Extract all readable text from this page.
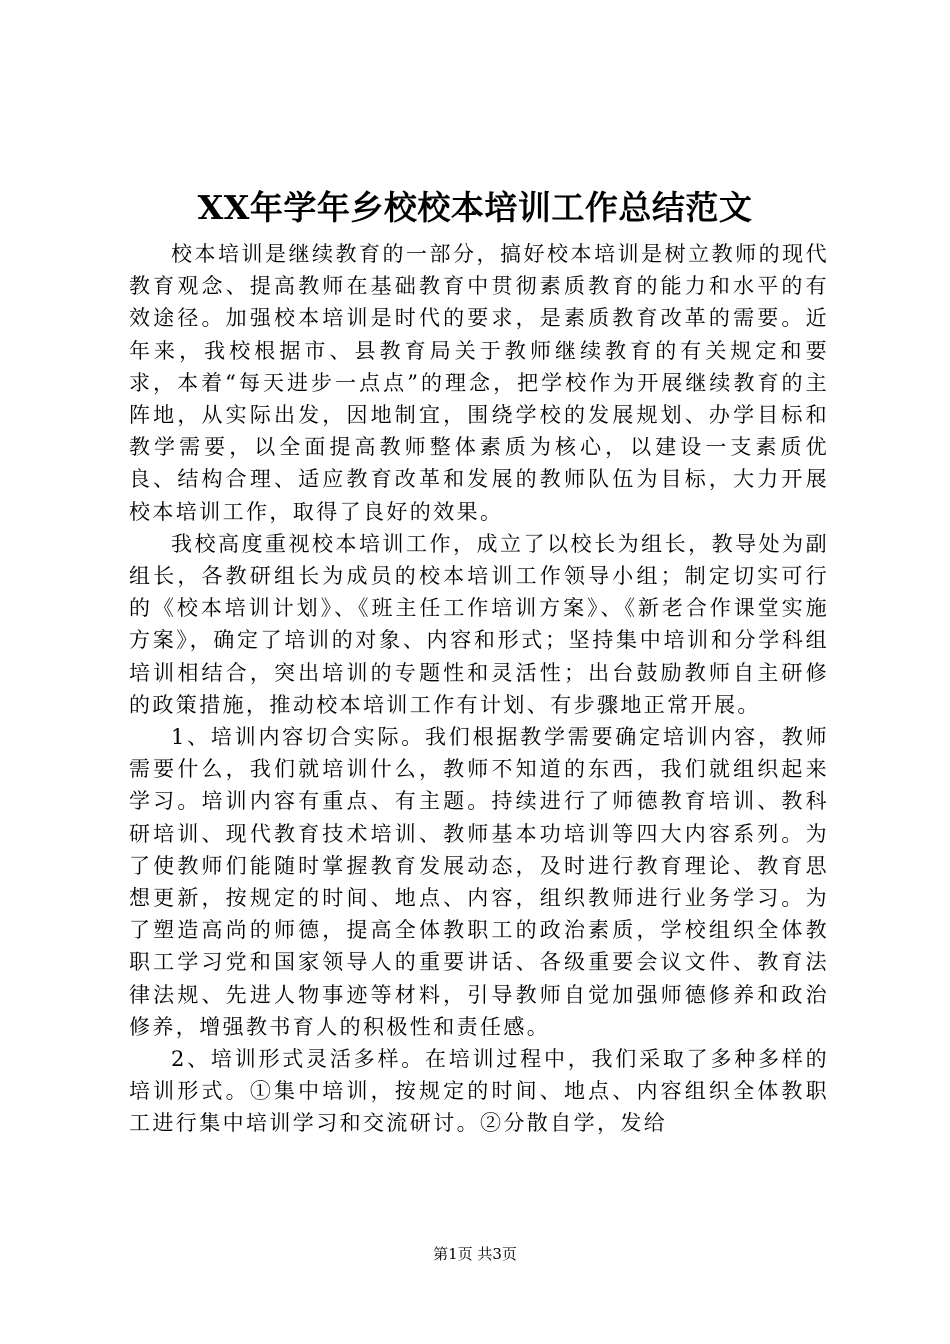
XX年学年乡校校本培训工作总结范文

校本培训是继续教育的一部分，搞好校本培训是树立教师的现代教育观念、提高教师在基础教育中贯彻素质教育的能力和水平的有效途径。加强校本培训是时代的要求，是素质教育改革的需要。近年来，我校根据市、县教育局关于教师继续教育的有关规定和要求，本着“每天进步一点点”的理念，把学校作为开展继续教育的主阵地，从实际出发，因地制宜，围绕学校的发展规划、办学目标和教学需要，以全面提高教师整体素质为核心，以建设一支素质优良、结构合理、适应教育改革和发展的教师队伍为目标，大力开展校本培训工作，取得了良好的效果。

我校高度重视校本培训工作，成立了以校长为组长，教导处为副组长，各教研组长为成员的校本培训工作领导小组；制定切实可行的《校本培训计划》、《班主任工作培训方案》、《新老合作课堂实施方案》，确定了培训的对象、内容和形式；坚持集中培训和分学科组培训相结合，突出培训的专题性和灵活性；出台鼓励教师自主研修的政策措施，推动校本培训工作有计划、有步骤地正常开展。

1、培训内容切合实际。我们根据教学需要确定培训内容，教师需要什么，我们就培训什么，教师不知道的东西，我们就组织起来学习。培训内容有重点、有主题。持续进行了师德教育培训、教科研培训、现代教育技术培训、教师基本功培训等四大内容系列。为了使教师们能随时掌握教育发展动态，及时进行教育理论、教育思想更新，按规定的时间、地点、内容，组织教师进行业务学习。为了塑造高尚的师德，提高全体教职工的政治素质，学校组织全体教职工学习党和国家领导人的重要讲话、各级重要会议文件、教育法律法规、先进人物事迹等材料，引导教师自觉加强师德修养和政治修养，增强教书育人的积极性和责任感。

2、培训形式灵活多样。在培训过程中，我们采取了多种多样的培训形式。①集中培训，按规定的时间、地点、内容组织全体教职工进行集中培训学习和交流研讨。②分散自学，发给

第1页 共3页
